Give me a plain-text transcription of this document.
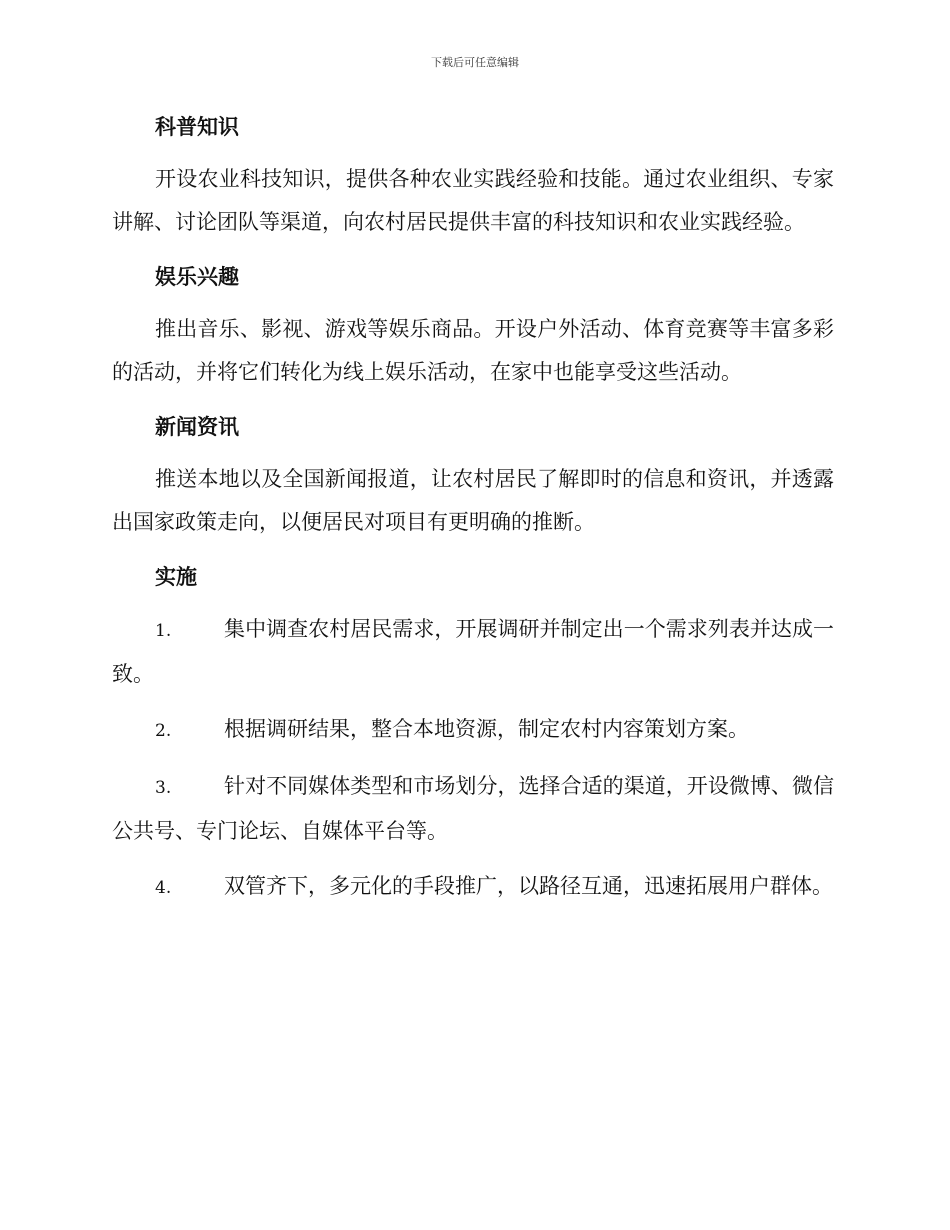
下载后可任意编辑
科普知识

开设农业科技知识，提供各种农业实践经验和技能。通过农业组织、专家讲解、讨论团队等渠道，向农村居民提供丰富的科技知识和农业实践经验。

娱乐兴趣

推出音乐、影视、游戏等娱乐商品。开设户外活动、体育竞赛等丰富多彩的活动，并将它们转化为线上娱乐活动，在家中也能享受这些活动。

新闻资讯

推送本地以及全国新闻报道，让农村居民了解即时的信息和资讯，并透露出国家政策走向，以便居民对项目有更明确的推断。

实施
1.	集中调查农村居民需求，开展调研并制定出一个需求列表并达成一致。
2.	根据调研结果，整合本地资源，制定农村内容策划方案。
3.	针对不同媒体类型和市场划分，选择合适的渠道，开设微博、微信公共号、专门论坛、自媒体平台等。
4.	双管齐下，多元化的手段推广，以路径互通，迅速拓展用户群体。
